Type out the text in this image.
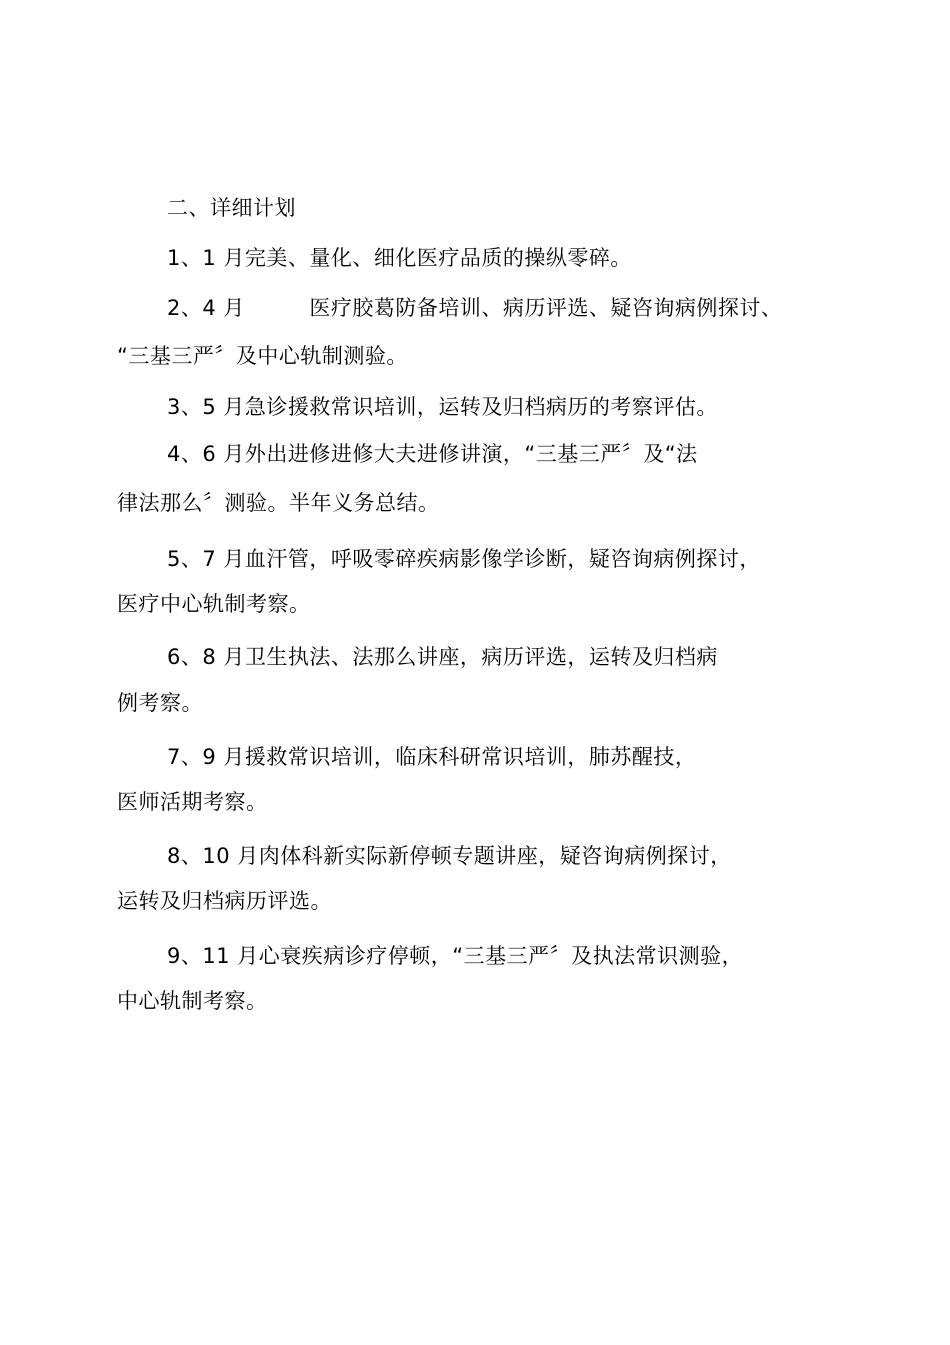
二、详细计划
1、1 月完美、量化、细化医疗品质的操纵零碎。
2、4 月　　　医疗胶葛防备培训、病历评选、疑咨询病例探讨、
“三基三严〞及中心轨制测验。
3、5 月急诊援救常识培训，运转及归档病历的考察评估。
4、6 月外出进修进修大夫进修讲演，“三基三严〞及“法
律法那么〞测验。半年义务总结。
5、7 月血汗管，呼吸零碎疾病影像学诊断，疑咨询病例探讨，
医疗中心轨制考察。
6、8 月卫生执法、法那么讲座，病历评选，运转及归档病
例考察。
7、9 月援救常识培训，临床科研常识培训，肺苏醒技，
医师活期考察。
8、10 月肉体科新实际新停顿专题讲座，疑咨询病例探讨，
运转及归档病历评选。
9、11 月心衰疾病诊疗停顿，“三基三严〞及执法常识测验，
中心轨制考察。
